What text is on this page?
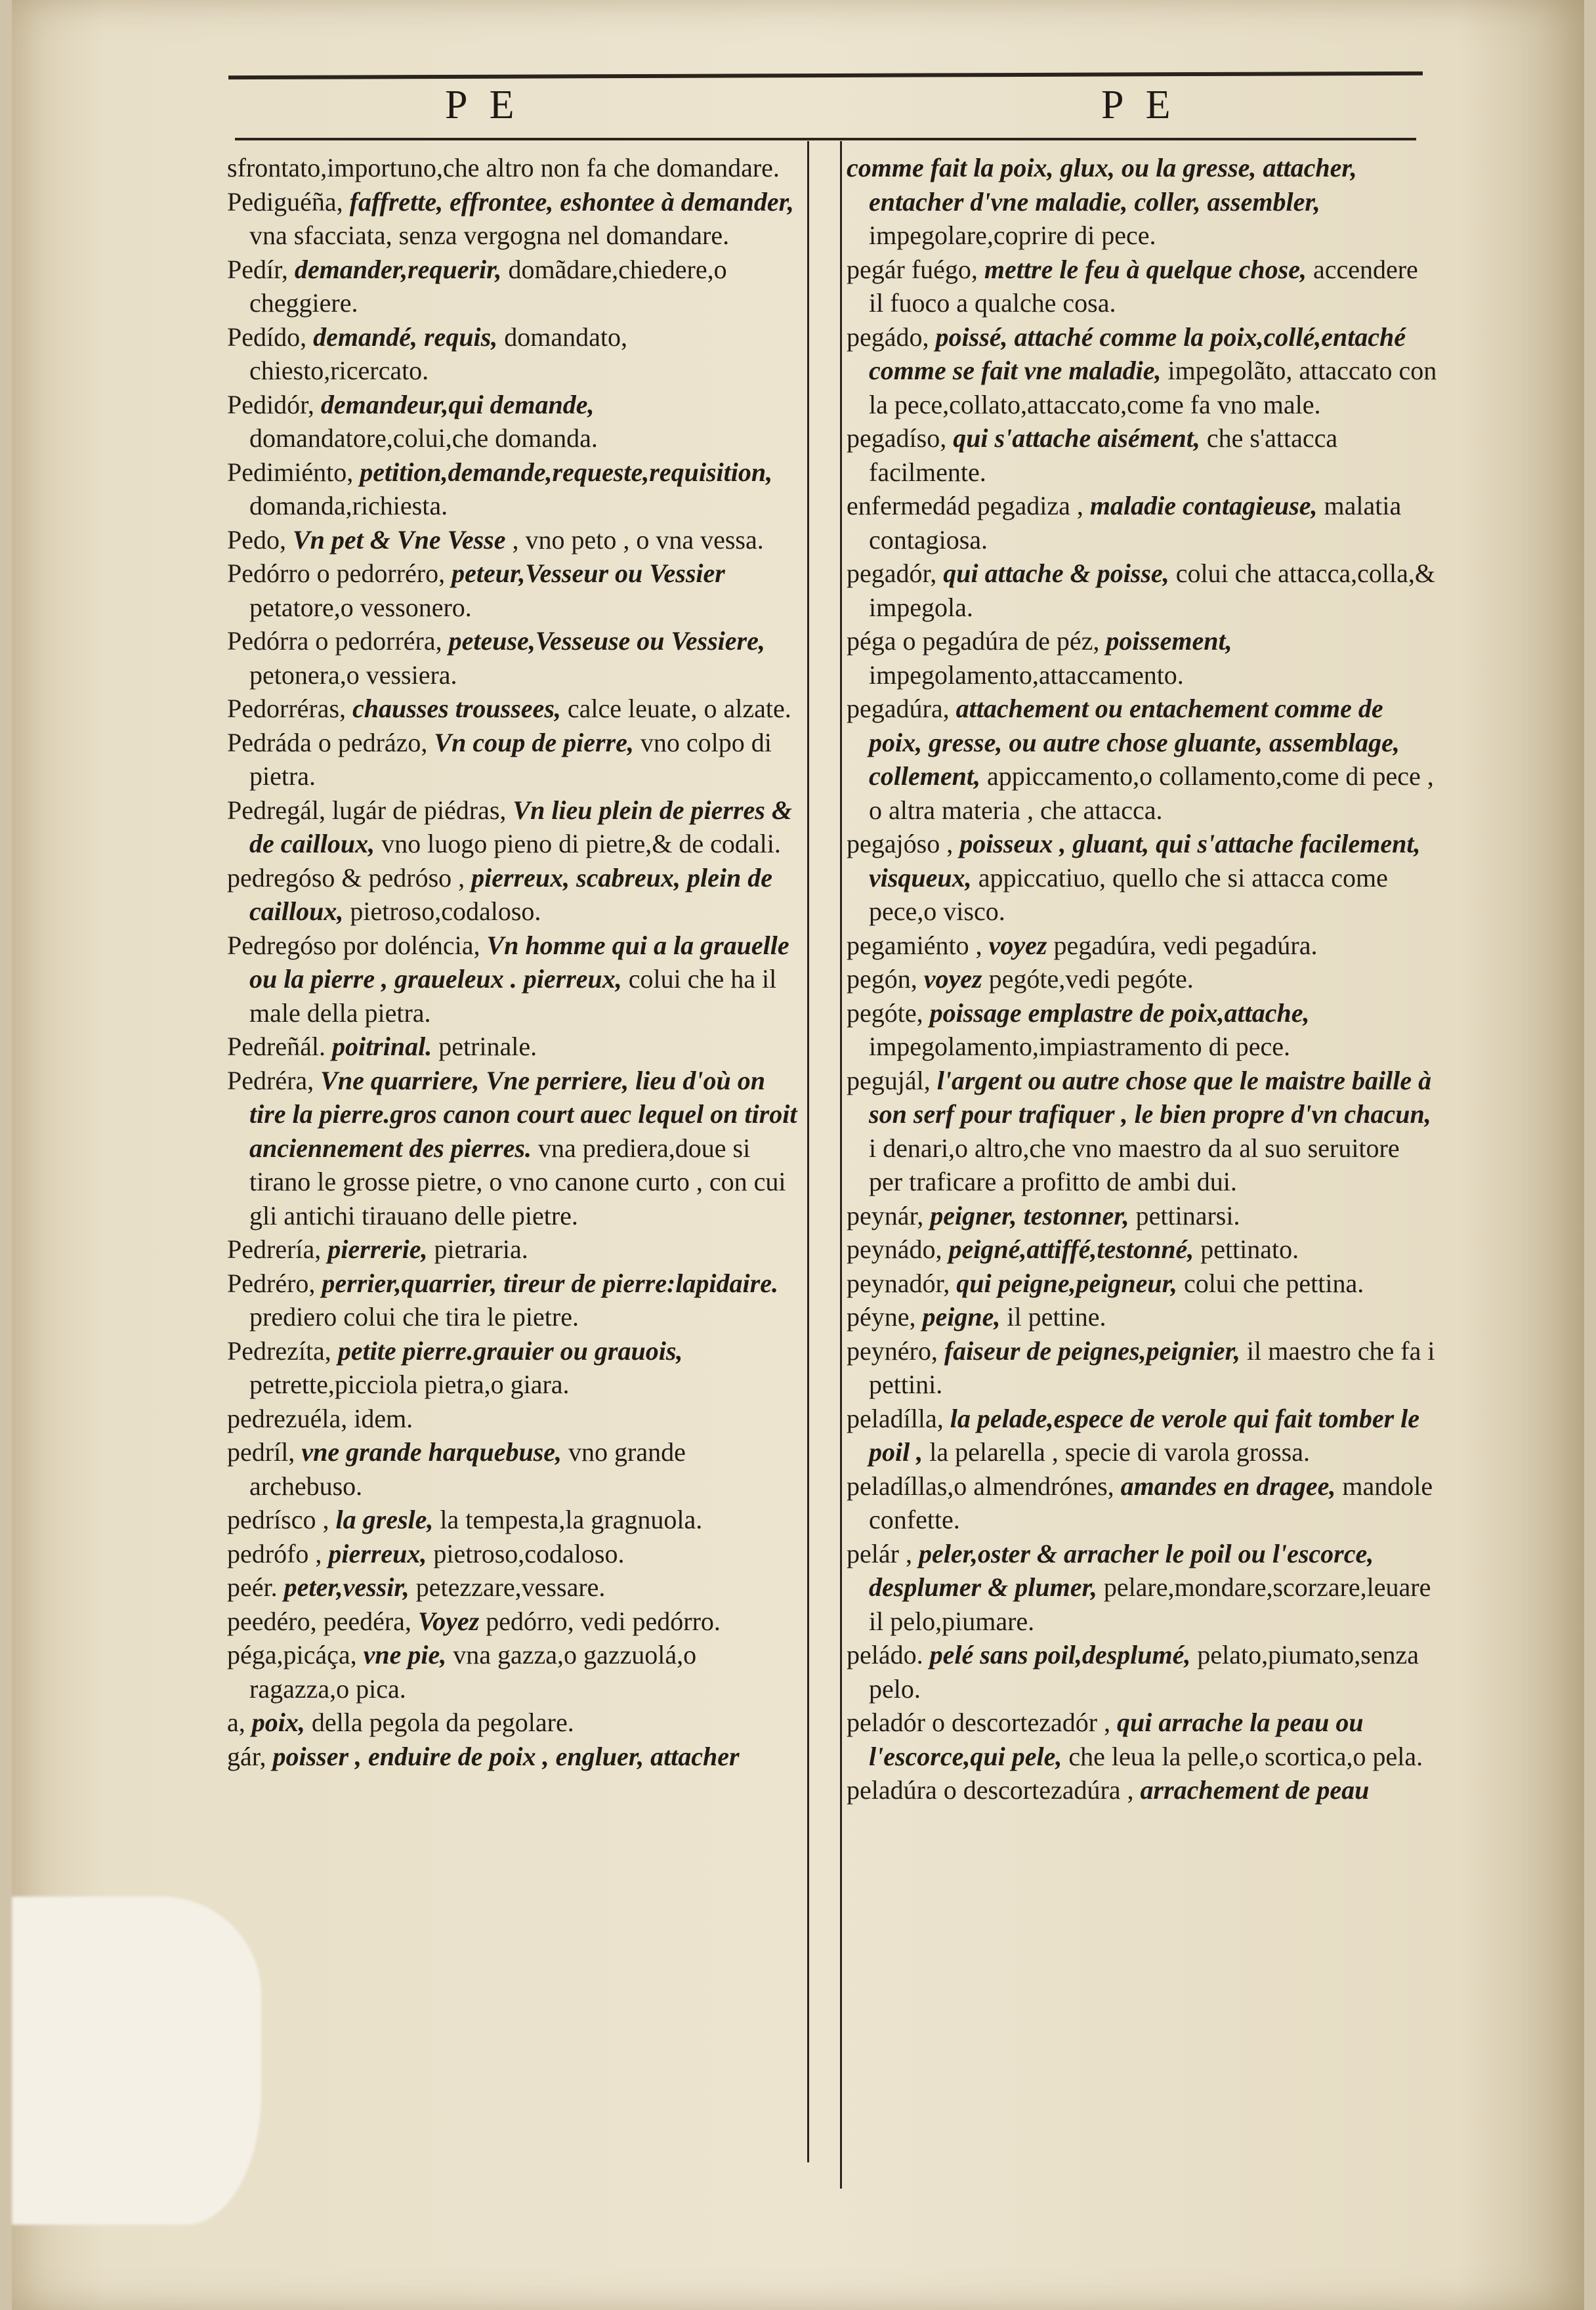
P E	P E

sfrontato,importuno,che altro non fa che domandare.

Pediguéña, faffrette, effrontee, eshontee à demander, vna sfacciata, senza vergogna nel domandare.

Pedír, demander,requerir, domãdare,chiedere,o cheggiere.

Pedído, demandé, requis, domandato, chiesto,ricercato.

Pedidór, demandeur,qui demande, domandatore,colui,che domanda.

Pedimiénto, petition,demande,requeste,requisition, domanda,richiesta.

Pedo, Vn pet & Vne Vesse , vno peto , o vna vessa.

Pedórro o pedorréro, peteur,Vesseur ou Vessier petatore,o vessonero.

Pedórra o pedorréra, peteuse,Vesseuse ou Vessiere, petonera,o vessiera.

Pedorréras, chausses troussees, calce leuate, o alzate.

Pedráda o pedrázo, Vn coup de pierre, vno colpo di pietra.

Pedregál, lugár de piédras, Vn lieu plein de pierres & de cailloux, vno luogo pieno di pietre,& de codali.

pedregóso & pedróso , pierreux, scabreux, plein de cailloux, pietroso,codaloso.

Pedregóso por doléncia, Vn homme qui a la grauelle ou la pierre , graueleux . pierreux, colui che ha il male della pietra.

Pedreñál. poitrinal. petrinale.

Pedréra, Vne quarriere, Vne perriere, lieu d'où on tire la pierre.gros canon court auec lequel on tiroit anciennement des pierres. vna prediera,doue si tirano le grosse pietre, o vno canone curto , con cui gli antichi tirauano delle pietre.

Pedrería, pierrerie, pietraria.

Pedréro, perrier,quarrier, tireur de pierre:lapidaire. prediero colui che tira le pietre.

Pedrezíta, petite pierre.grauier ou grauois, petrette,picciola pietra,o giara.

pedrezuéla, idem.

pedríl, vne grande harquebuse, vno grande archebuso.

pedrísco , la gresle, la tempesta,la gragnuola.

pedrófo , pierreux, pietroso,codaloso.

peér. peter,vessir, petezzare,vessare.

peedéro, peedéra, Voyez pedórro, vedi pedórro.

péga,picáça, vne pie, vna gazza,o gazzuolá,o ragazza,o pica.

a, poix, della pegola da pegolare.

gár, poisser , enduire de poix , engluer, attacher

comme fait la poix, glux, ou la gresse, attacher, entacher d'vne maladie, coller, assembler, impegolare,coprire di pece.

pegár fuégo, mettre le feu à quelque chose, accendere il fuoco a qualche cosa.

pegádo, poissé, attaché comme la poix,collé,entaché comme se fait vne maladie, impegolãto, attaccato con la pece,collato,attaccato,come fa vno male.

pegadíso, qui s'attache aisément, che s'attacca facilmente.

enfermedád pegadiza , maladie contagieuse, malatia contagiosa.

pegadór, qui attache & poisse, colui che attacca,colla,& impegola.

péga o pegadúra de péz, poissement, impegolamento,attaccamento.

pegadúra, attachement ou entachement comme de poix, gresse, ou autre chose gluante, assemblage, collement, appiccamento,o collamento,come di pece , o altra materia , che attacca.

pegajóso , poisseux , gluant, qui s'attache facilement, visqueux, appiccatiuo, quello che si attacca come pece,o visco.

pegamiénto , voyez pegadúra, vedi pegadúra.

pegón, voyez pegóte,vedi pegóte.

pegóte, poissage emplastre de poix,attache, impegolamento,impiastramento di pece.

pegujál, l'argent ou autre chose que le maistre baille à son serf pour trafiquer , le bien propre d'vn chacun, i denari,o altro,che vno maestro da al suo seruitore per traficare a profitto de ambi dui.

peynár, peigner, testonner, pettinarsi.

peynádo, peigné,attiffé,testonné, pettinato.

peynadór, qui peigne,peigneur, colui che pettina.

péyne, peigne, il pettine.

peynéro, faiseur de peignes,peignier, il maestro che fa i pettini.

peladílla, la pelade,espece de verole qui fait tomber le poil , la pelarella , specie di varola grossa.

peladíllas,o almendrónes, amandes en dragee, mandole confette.

pelár , peler,oster & arracher le poil ou l'escorce, desplumer & plumer, pelare,mondare,scorzare,leuare il pelo,piumare.

peládo. pelé sans poil,desplumé, pelato,piumato,senza pelo.

peladór o descortezadór , qui arrache la peau ou l'escorce,qui pele, che leua la pelle,o scortica,o pela.

peladúra o descortezadúra , arrachement de peau
